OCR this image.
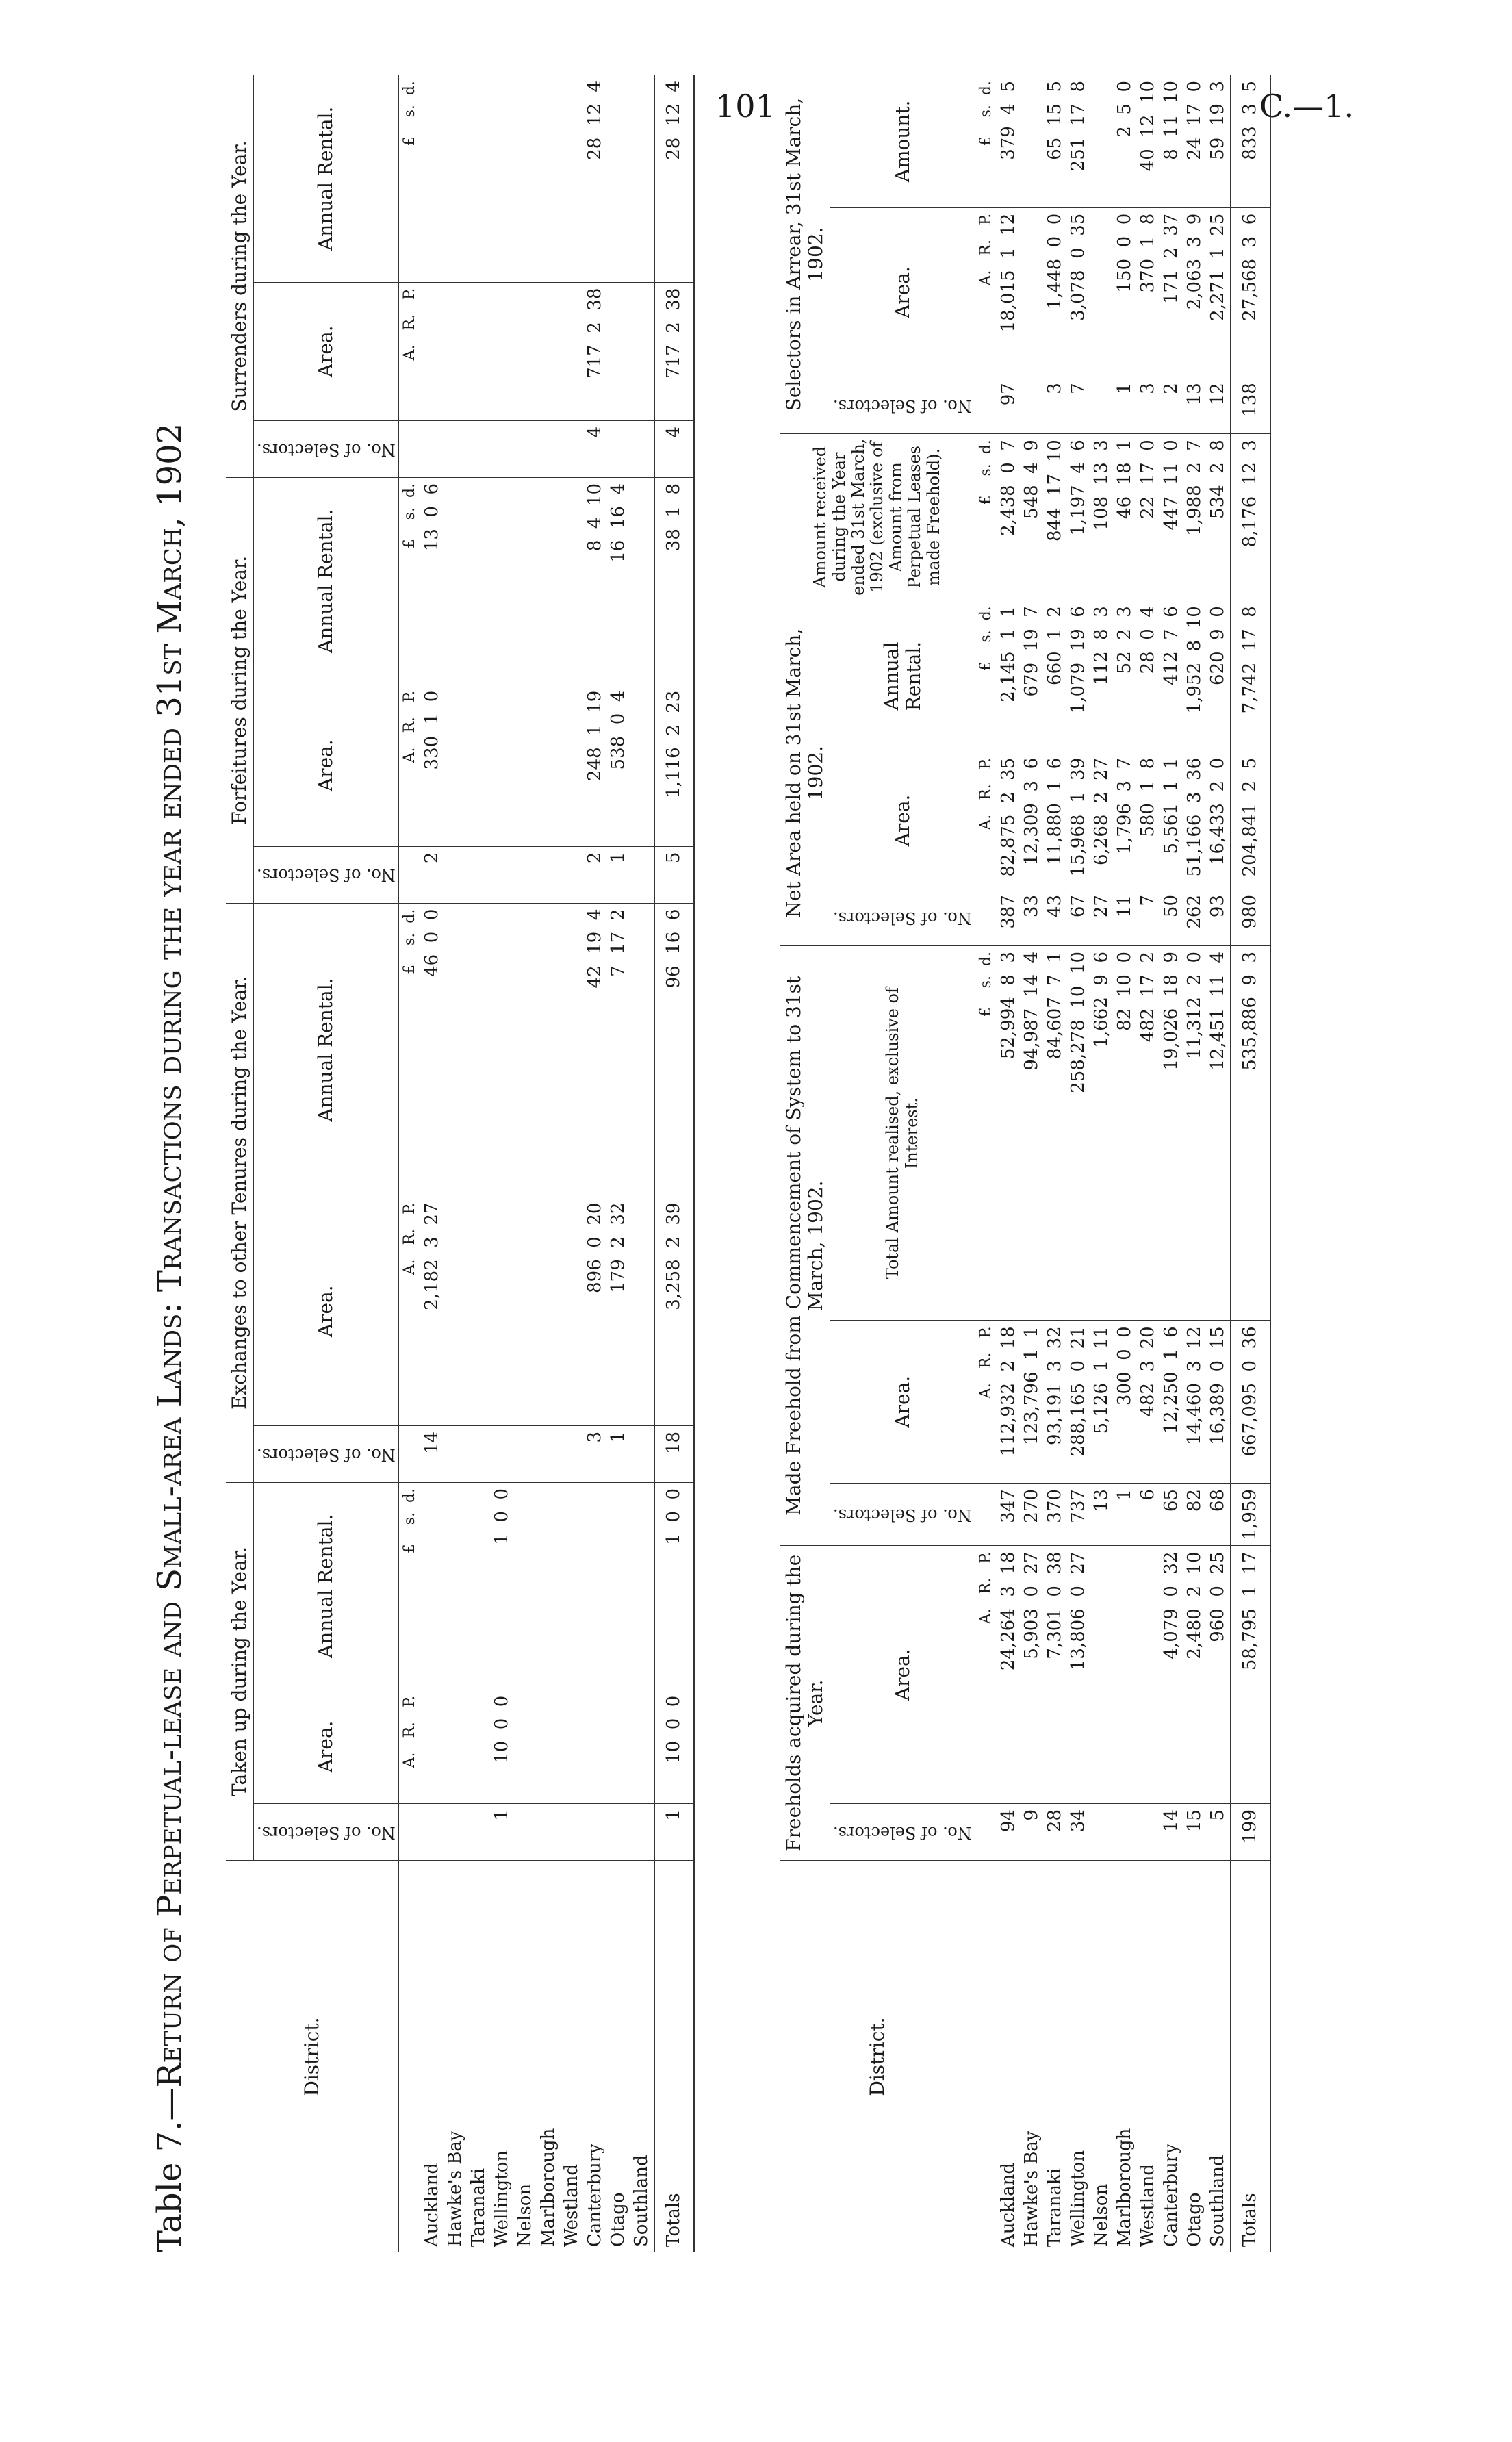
101	C.—1.
Table 7.—Return of Perpetual-lease and Small-area Lands: Transactions during the year ended 31st March, 1902	District.	Taken up during the Year.			Exchanges to other Tenures during the Year.			Forfeitures during the Year.			Surrenders during the Year.		

	No. of Selectors.	Area.	Annual Rental.	No. of Selectors.	Area.	Annual Rental.	No. of Selectors.	Area.	Annual Rental.	No. of Selectors.	Area.	Annual Rental.
		A.   R.   P.	£    s.  d.		A.   R.   P.	£    s.  d.		A.   R.   P.	£    s.  d.		A.   R.   P.	£    s.  d.
Auckland				14	2,182  3  27	46  0  0	2	330  1  0	13  0  6			
Hawke's Bay												
Taranaki												
Wellington	1	10  0  0	1  0  0									
Nelson												
Marlborough												
Westland												
Canterbury				3	896  0  20	42  19  4	2	248  1  19	8  4  10	4	717  2  38	28  12  4
Otago				1	179  2  32	7  17  2	1	538  0  4	16  16  4			
Southland												
Totals	1	10  0  0	1  0  0	18	3,258  2  39	96  16  6	5	1,116  2  23	38  1  8	4	717  2  38	28  12  4
District.	Freeholds acquired during the Year.		Made Freehold from Commencement of System to 31st March, 1902.			Net Area held on 31st March, 1902.			Amount received during the Year ended 31st March, 1902 (exclusive of Amount from Perpetual Leases made Freehold).	Selectors in Arrear, 31st March, 1902.		

	No. of Selectors.	Area.	No. of Selectors.	Area.	Total Amount realised, exclusive of Interest.	No. of Selectors.	Area.	Annual Rental.		No. of Selectors.	Area.	Amount.
		A.   R.   P.		A.   R.   P.	£    s.  d.		A.   R.   P.	£    s.  d.	£    s.  d.		A.   R.   P.	£    s.  d.
Auckland	94	24,264  3  18	347	112,932  2  18	52,994  8  3	387	82,875  2  35	2,145  1  1	2,438  0  7	97	18,015  1  12	379  4  5
Hawke's Bay	9	5,903  0  27	270	123,796  1  1	94,987  14  4	33	12,309  3  6	679  19  7	548  4  9			
Taranaki	28	7,301  0  38	370	93,191  3  32	84,607  7  1	43	11,880  1  6	660  1  2	844  17  10	3	1,448  0  0	65  15  5
Wellington	34	13,806  0  27	737	288,165  0  21	258,278  10  10	67	15,968  1  39	1,079  19  6	1,197  4  6	7	3,078  0  35	251  17  8
Nelson			13	5,126  1  11	1,662  9  6	27	6,268  2  27	112  8  3	108  13  3			
Marlborough			1	300  0  0	82  10  0	11	1,796  3  7	52  2  3	46  18  1	1	150  0  0	2  5  0
Westland			6	482  3  20	482  17  2	7	580  1  8	28  0  4	22  17  0	3	370  1  8	40  12  10
Canterbury	14	4,079  0  32	65	12,250  1  6	19,026  18  9	50	5,561  1  1	412  7  6	447  11  0	2	171  2  37	8  11  10
Otago	15	2,480  2  10	82	14,460  3  12	11,312  2  0	262	51,166  3  36	1,952  8  10	1,988  2  7	13	2,063  3  9	24  17  0
Southland	5	960  0  25	68	16,389  0  15	12,451  11  4	93	16,433  2  0	620  9  0	534  2  8	12	2,271  1  25	59  19  3
Totals	199	58,795  1  17	1,959	667,095  0  36	535,886  9  3	980	204,841  2  5	7,742  17  8	8,176  12  3	138	27,568  3  6	833  3  5
